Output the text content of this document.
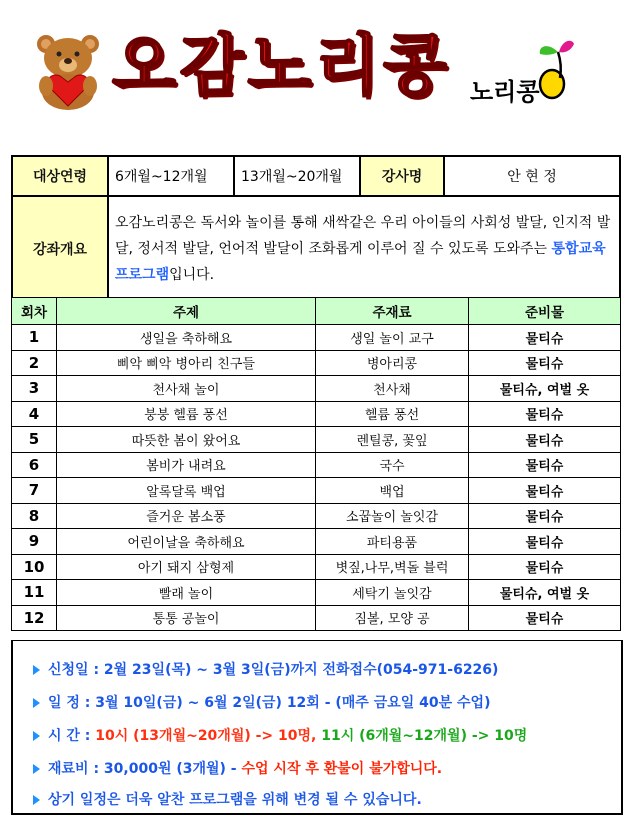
오감노리콩 노리콩
대상연령	6개월~12개월	13개월~20개월	강사명	안 현 정
강좌개요	오감노리콩은 독서와 놀이를 통해 새싹같은 우리 아이들의 사회성 발달, 인지적 발달, 정서적 발달, 언어적 발달이 조화롭게 이루어 질 수 있도록 도와주는 통합교육 프로그램입니다.			
회차	주제	주재료	준비물
1	생일을 축하해요	생일 놀이 교구	물티슈
2	삐악 삐악 병아리 친구들	병아리콩	물티슈
3	천사채 놀이	천사채	물티슈, 여벌 옷
4	붕붕 헬륨 풍선	헬륨 풍선	물티슈
5	따뜻한 봄이 왔어요	렌틸콩, 꽃잎	물티슈
6	봄비가 내려요	국수	물티슈
7	알록달록 백업	백업	물티슈
8	즐거운 봄소풍	소꿉놀이 놀잇감	물티슈
9	어린이날을 축하해요	파티용품	물티슈
10	아기 돼지 삼형제	볏짚,나무,벽돌 블럭	물티슈
11	빨래 놀이	세탁기 놀잇감	물티슈, 여벌 옷
12	통통 공놀이	짐볼, 모양 공	물티슈
신청일 : 2월 23일(목) ~ 3월 3일(금)까지 전화접수(054-971-6226)
일 정 : 3월 10일(금) ~ 6월 2일(금) 12회 - (매주 금요일 40분 수업)
시 간 : 10시 (13개월~20개월) -> 10명, 11시 (6개월~12개월) -> 10명
재료비 : 30,000원 (3개월) - 수업 시작 후 환불이 불가합니다.
상기 일정은 더욱 알찬 프로그램을 위해 변경 될 수 있습니다.
